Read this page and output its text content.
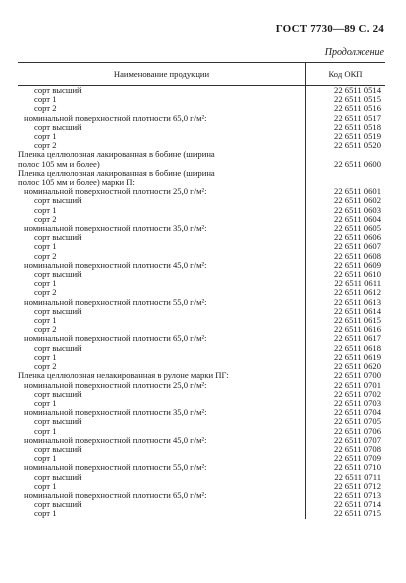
ГОСТ 7730—89 С. 24
Продолжение
Наименование продукции	Код ОКП
сорт высший	22 6511 0514
сорт 1	22 6511 0515
сорт 2	22 6511 0516
номинальной поверхностной плотности 65,0 г/м²:	22 6511 0517
сорт высший	22 6511 0518
сорт 1	22 6511 0519
сорт 2	22 6511 0520
Пленка целлюлозная лакированная в бобине (ширина
полос 105 мм и более)	22 6511 0600
Пленка целлюлозная лакированная в бобине (ширина
полос 105 мм и более) марки П:
номинальной поверхностной плотности 25,0 г/м²:	22 6511 0601
сорт высший	22 6511 0602
сорт 1	22 6511 0603
сорт 2	22 6511 0604
номинальной поверхностной плотности 35,0 г/м²:	22 6511 0605
сорт высший	22 6511 0606
сорт 1	22 6511 0607
сорт 2	22 6511 0608
номинальной поверхностной плотности 45,0 г/м²:	22 6511 0609
сорт высший	22 6511 0610
сорт 1	22 6511 0611
сорт 2	22 6511 0612
номинальной поверхностной плотности 55,0 г/м²:	22 6511 0613
сорт высший	22 6511 0614
сорт 1	22 6511 0615
сорт 2	22 6511 0616
номинальной поверхностной плотности 65,0 г/м²:	22 6511 0617
сорт высший	22 6511 0618
сорт 1	22 6511 0619
сорт 2	22 6511 0620
Пленка целлюлозная нелакированная в рулоне марки ПГ:	22 6511 0700
номинальной поверхностной плотности 25,0 г/м²:	22 6511 0701
сорт высший	22 6511 0702
сорт 1	22 6511 0703
номинальной поверхностной плотности 35,0 г/м²:	22 6511 0704
сорт высший	22 6511 0705
сорт 1	22 6511 0706
номинальной поверхностной плотности 45,0 г/м²:	22 6511 0707
сорт высший	22 6511 0708
сорт 1	22 6511 0709
номинальной поверхностной плотности 55,0 г/м²:	22 6511 0710
сорт высший	22 6511 0711
сорт 1	22 6511 0712
номинальной поверхностной плотности 65,0 г/м²:	22 6511 0713
сорт высший	22 6511 0714
сорт 1	22 6511 0715
